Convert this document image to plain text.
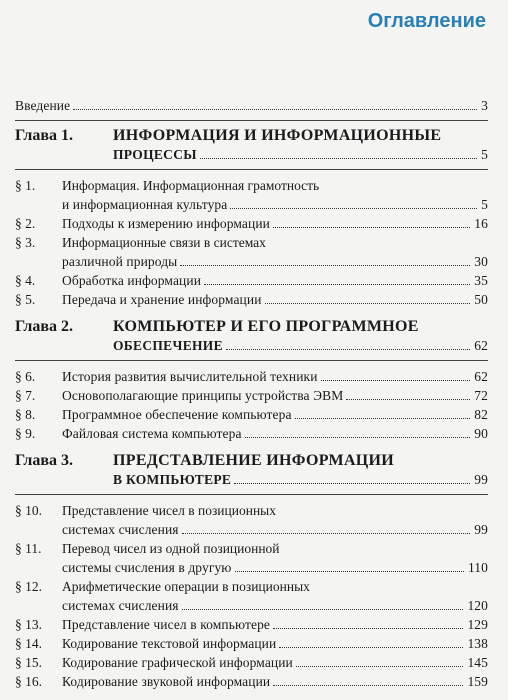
Оглавление
Введение	3
Глава 1.	ИНФОРМАЦИЯ И ИНФОРМАЦИОННЫЕ
ПРОЦЕССЫ	5
§ 1.	Информация. Информационная грамотность
и информационная культура	5
§ 2.	Подходы к измерению информации	16
§ 3.	Информационные связи в системах
различной природы	30
§ 4.	Обработка информации	35
§ 5.	Передача и хранение информации	50
Глава 2.	КОМПЬЮТЕР И ЕГО ПРОГРАММНОЕ
ОБЕСПЕЧЕНИЕ	62
§ 6.	История развития вычислительной техники	62
§ 7.	Основополагающие принципы устройства ЭВМ	72
§ 8.	Программное обеспечение компьютера	82
§ 9.	Файловая система компьютера	90
Глава 3.	ПРЕДСТАВЛЕНИЕ ИНФОРМАЦИИ
В КОМПЬЮТЕРЕ	99
§ 10.	Представление чисел в позиционных
системах счисления	99
§ 11.	Перевод чисел из одной позиционной
системы счисления в другую	110
§ 12.	Арифметические операции в позиционных
системах счисления	120
§ 13.	Представление чисел в компьютере	129
§ 14.	Кодирование текстовой информации	138
§ 15.	Кодирование графической информации	145
§ 16.	Кодирование звуковой информации	159
